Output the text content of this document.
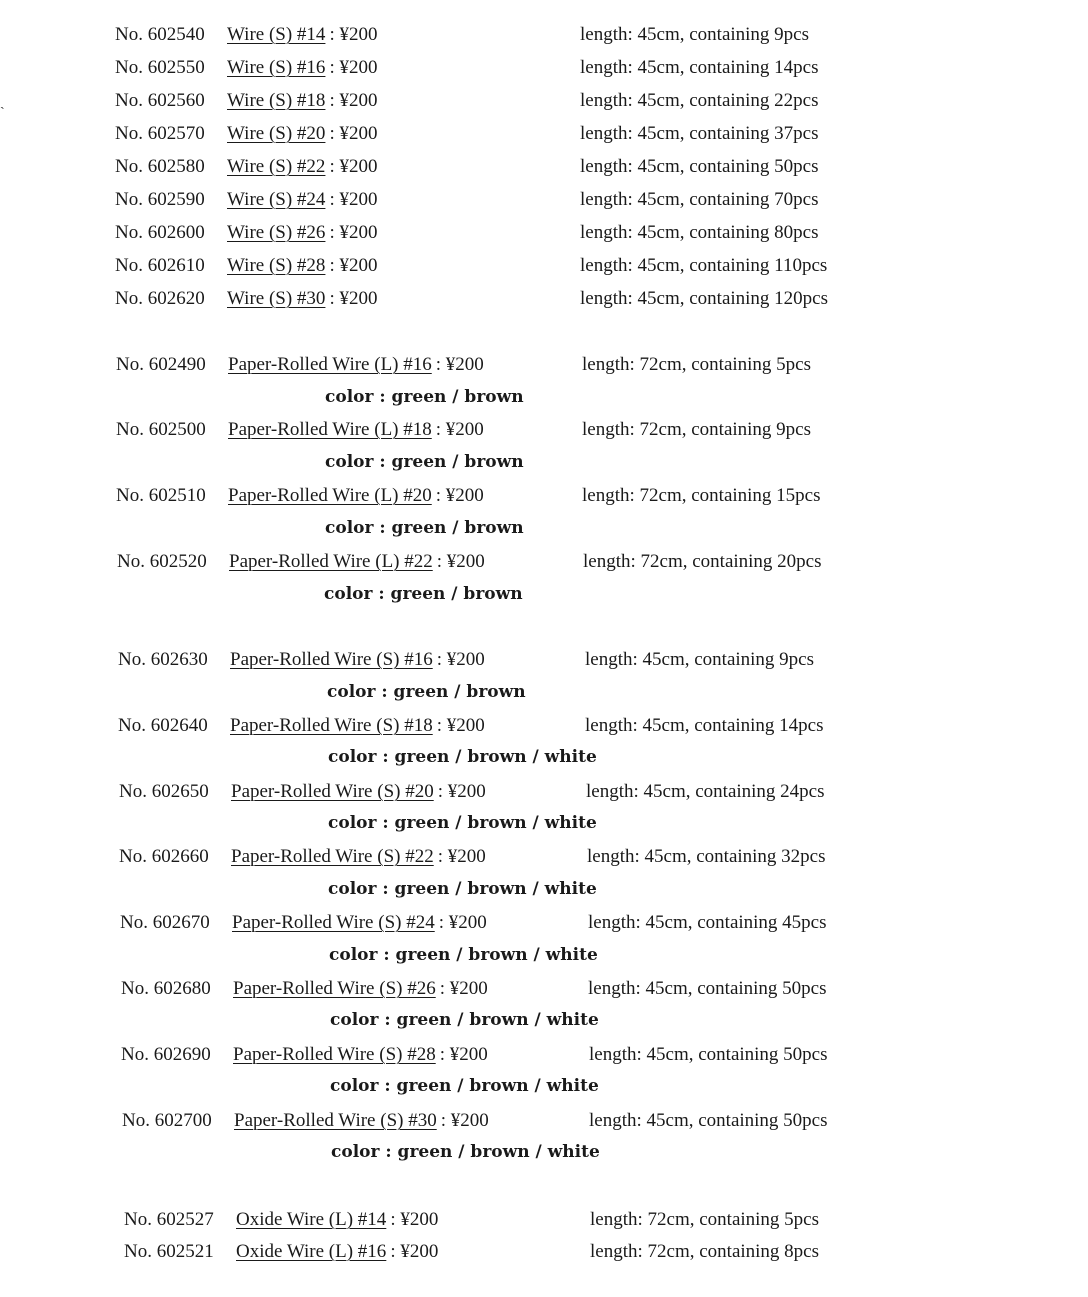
ˏ
No. 602540 Wire (S) #14 : ¥200	length: 45cm, containing 9pcs
No. 602550 Wire (S) #16 : ¥200	length: 45cm, containing 14pcs
No. 602560 Wire (S) #18 : ¥200	length: 45cm, containing 22pcs
No. 602570 Wire (S) #20 : ¥200	length: 45cm, containing 37pcs
No. 602580 Wire (S) #22 : ¥200	length: 45cm, containing 50pcs
No. 602590 Wire (S) #24 : ¥200	length: 45cm, containing 70pcs
No. 602600 Wire (S) #26 : ¥200	length: 45cm, containing 80pcs
No. 602610 Wire (S) #28 : ¥200	length: 45cm, containing 110pcs
No. 602620 Wire (S) #30 : ¥200	length: 45cm, containing 120pcs
No. 602490 Paper-Rolled Wire (L) #16 : ¥200	length: 72cm, containing 5pcs
color : green / brown
No. 602500 Paper-Rolled Wire (L) #18 : ¥200	length: 72cm, containing 9pcs
color : green / brown
No. 602510 Paper-Rolled Wire (L) #20 : ¥200	length: 72cm, containing 15pcs
color : green / brown
No. 602520 Paper-Rolled Wire (L) #22 : ¥200	length: 72cm, containing 20pcs
color : green / brown
No. 602630 Paper-Rolled Wire (S) #16 : ¥200	length: 45cm, containing 9pcs
color : green / brown
No. 602640 Paper-Rolled Wire (S) #18 : ¥200	length: 45cm, containing 14pcs
color : green / brown / white
No. 602650 Paper-Rolled Wire (S) #20 : ¥200	length: 45cm, containing 24pcs
color : green / brown / white
No. 602660 Paper-Rolled Wire (S) #22 : ¥200	length: 45cm, containing 32pcs
color : green / brown / white
No. 602670 Paper-Rolled Wire (S) #24 : ¥200	length: 45cm, containing 45pcs
color : green / brown / white
No. 602680 Paper-Rolled Wire (S) #26 : ¥200	length: 45cm, containing 50pcs
color : green / brown / white
No. 602690 Paper-Rolled Wire (S) #28 : ¥200	length: 45cm, containing 50pcs
color : green / brown / white
No. 602700 Paper-Rolled Wire (S) #30 : ¥200	length: 45cm, containing 50pcs
color : green / brown / white
No. 602527 Oxide Wire (L) #14 : ¥200	length: 72cm, containing 5pcs
No. 602521 Oxide Wire (L) #16 : ¥200	length: 72cm, containing 8pcs
